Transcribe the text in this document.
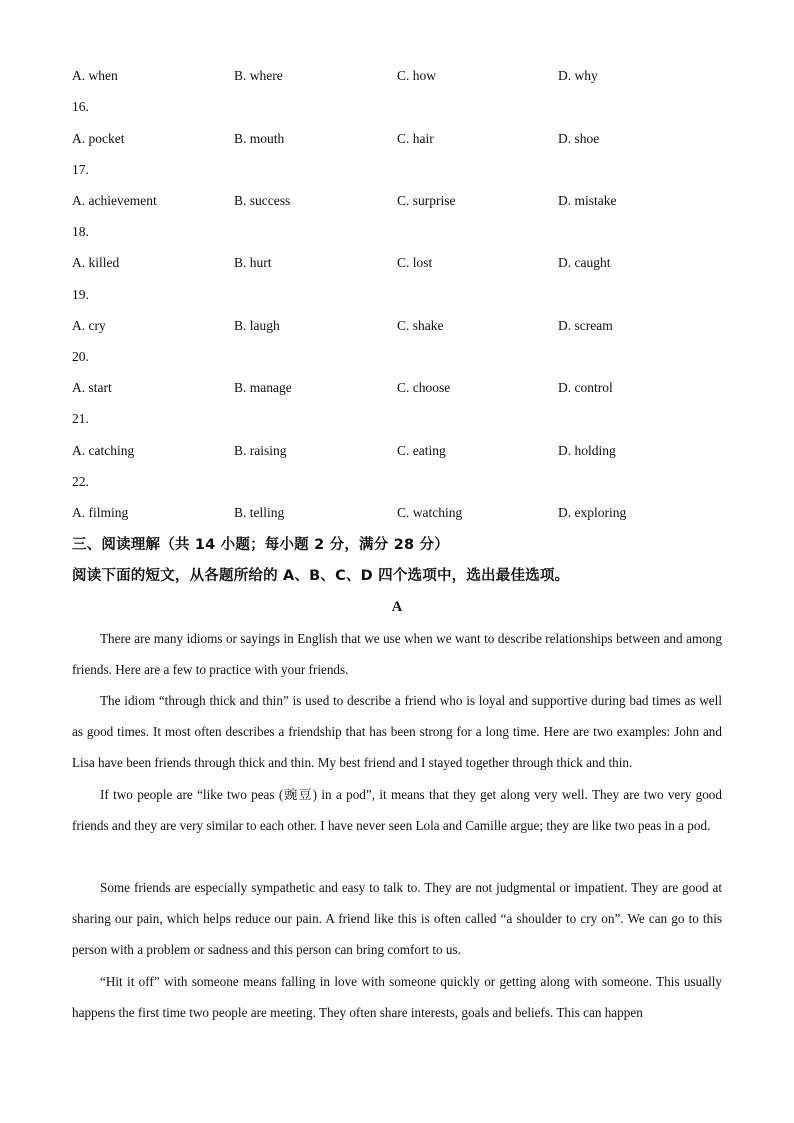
A. when	B. where	C. how	D. why
16.
A. pocket	B. mouth	C. hair	D. shoe
17.
A. achievement	B. success	C. surprise	D. mistake
18.
A. killed	B. hurt	C. lost	D. caught
19.
A. cry	B. laugh	C. shake	D. scream
20.
A. start	B. manage	C. choose	D. control
21.
A. catching	B. raising	C. eating	D. holding
22.
A. filming	B. telling	C. watching	D. exploring
三、阅读理解（共 14 小题；每小题 2 分，满分 28 分）
阅读下面的短文，从各题所给的 A、B、C、D 四个选项中，选出最佳选项。
A

There are many idioms or sayings in English that we use when we want to describe relationships between and among friends. Here are a few to practice with your friends.

The idiom “through thick and thin” is used to describe a friend who is loyal and supportive during bad times as well as good times. It most often describes a friendship that has been strong for a long time. Here are two examples: John and Lisa have been friends through thick and thin. My best friend and I stayed together through thick and thin.

If two people are “like two peas (豌豆) in a pod”, it means that they get along very well. They are two very good friends and they are very similar to each other. I have never seen Lola and Camille argue; they are like two peas in a pod.

Some friends are especially sympathetic and easy to talk to. They are not judgmental or impatient. They are good at sharing our pain, which helps reduce our pain. A friend like this is often called “a shoulder to cry on”. We can go to this person with a problem or sadness and this person can bring comfort to us.

“Hit it off” with someone means falling in love with someone quickly or getting along with someone. This usually happens the first time two people are meeting. They often share interests, goals and beliefs. This can happen
